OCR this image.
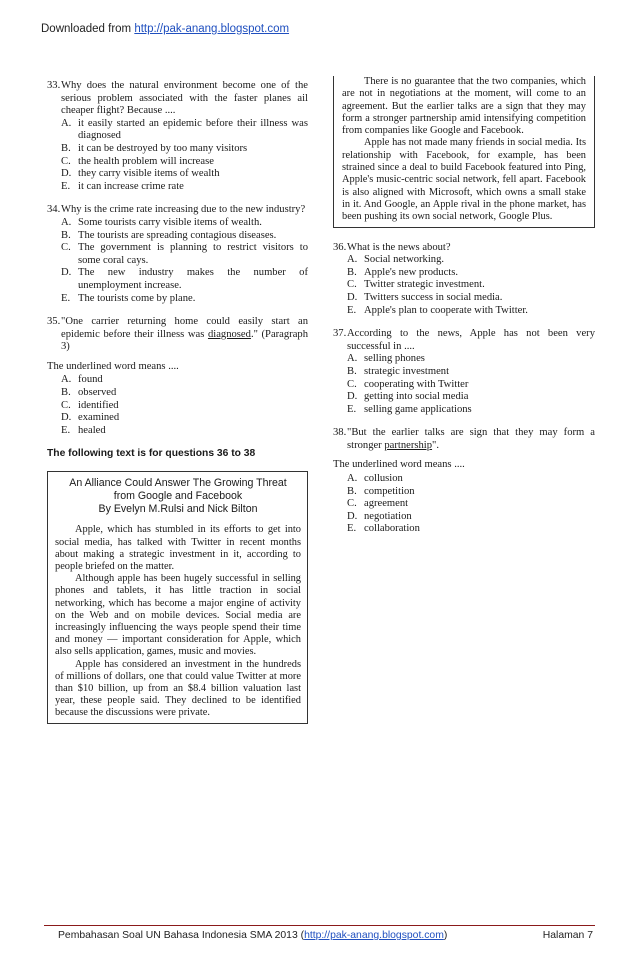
Downloaded from http://pak-anang.blogspot.com
33. Why does the natural environment become one of the serious problem associated with the faster planes ail cheaper flight? Because ....
A. it easily started an epidemic before their illness was diagnosed
B. it can be destroyed by too many visitors
C. the health problem will increase
D. they carry visible items of wealth
E. it can increase crime rate
34. Why is the crime rate increasing due to the new industry?
A. Some tourists carry visible items of wealth.
B. The tourists are spreading contagious diseases.
C. The government is planning to restrict visitors to some coral cays.
D. The new industry makes the number of unemployment increase.
E. The tourists come by plane.
35. "One carrier returning home could easily start an epidemic before their illness was diagnosed." (Paragraph 3)
The underlined word means ....
A. found
B. observed
C. identified
D. examined
E. healed
The following text is for questions 36 to 38
An Alliance Could Answer The Growing Threat
from Google and Facebook
By Evelyn M.Rulsi and Nick Bilton

Apple, which has stumbled in its efforts to get into social media, has talked with Twitter in recent months about making a strategic investment in it, according to people briefed on the matter.

Although apple has been hugely successful in selling phones and tablets, it has little traction in social networking, which has become a major engine of activity on the Web and on mobile devices. Social media are increasingly influencing the ways people spend their time and money — important consideration for Apple, which also sells application, games, music and movies.

Apple has considered an investment in the hundreds of millions of dollars, one that could value Twitter at more than $10 billion, up from an $8.4 billion valuation last year, these people said. They declined to be identified because the discussions were private.

There is no guarantee that the two companies, which are not in negotiations at the moment, will come to an agreement. But the earlier talks are a sign that they may form a stronger partnership amid intensifying competition from companies like Google and Facebook.

Apple has not made many friends in social media. Its relationship with Facebook, for example, has been strained since a deal to build Facebook featured into Ping, Apple's music-centric social network, fell apart. Facebook is also aligned with Microsoft, which owns a small stake in it. And Google, an Apple rival in the phone market, has been pushing its own social network, Google Plus.

36. What is the news about?
A. Social networking.
B. Apple's new products.
C. Twitter strategic investment.
D. Twitters success in social media.
E. Apple's plan to cooperate with Twitter.
37. According to the news, Apple has not been very successful in ....
A. selling phones
B. strategic investment
C. cooperating with Twitter
D. getting into social media
E. selling game applications
38. "But the earlier talks are sign that they may form a stronger partnership".
The underlined word means ....
A. collusion
B. competition
C. agreement
D. negotiation
E. collaboration
Pembahasan Soal UN Bahasa Indonesia SMA 2013 (http://pak-anang.blogspot.com)	Halaman 7
